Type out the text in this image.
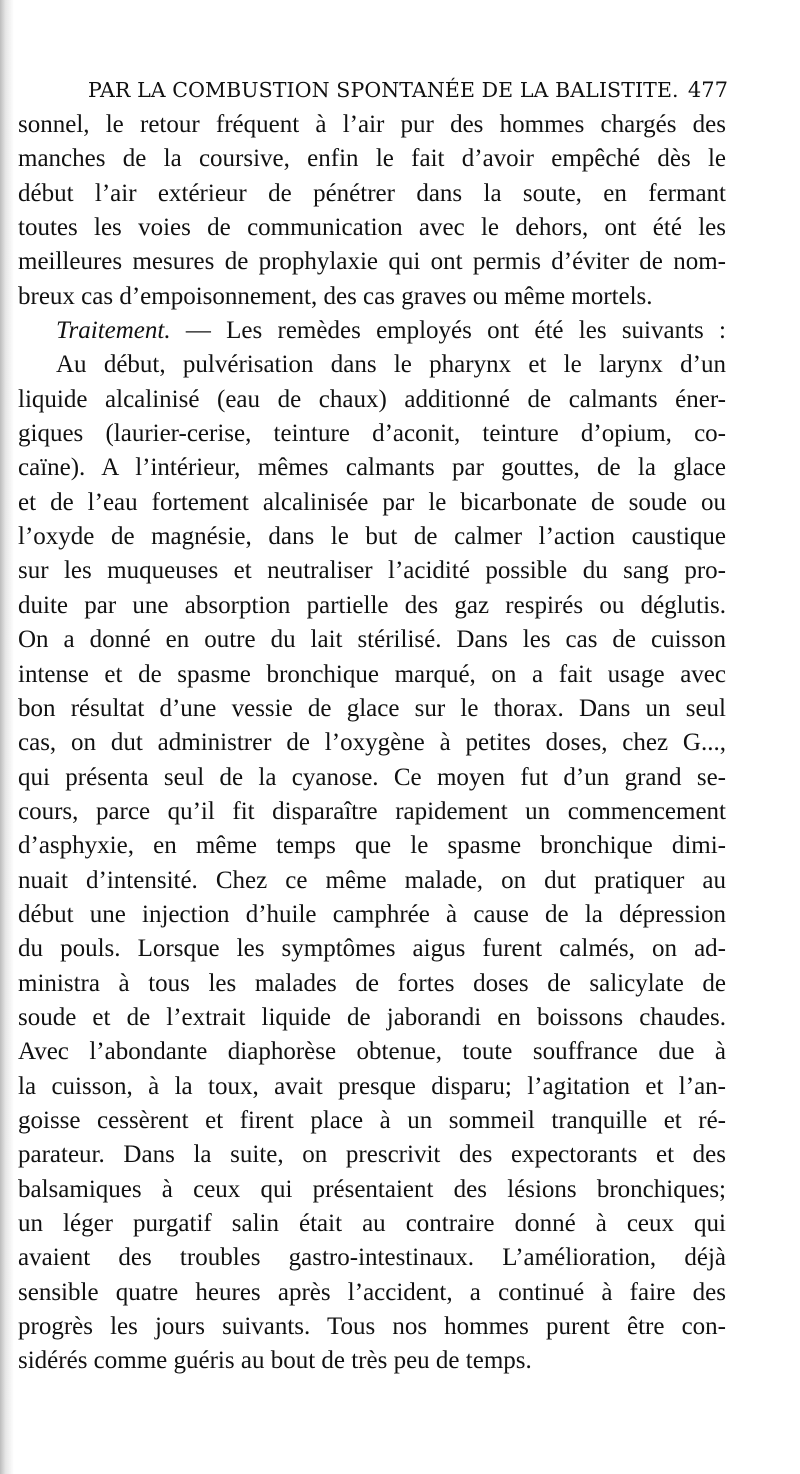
PAR LA COMBUSTION SPONTANÉE DE LA BALISTITE. 477
sonnel, le retour fréquent à l’air pur des hommes chargés des
manches de la coursive, enfin le fait d’avoir empêché dès le
début l’air extérieur de pénétrer dans la soute, en fermant
toutes les voies de communication avec le dehors, ont été les
meilleures mesures de prophylaxie qui ont permis d’éviter de nom-
breux cas d’empoisonnement, des cas graves ou même mortels.
Traitement. — Les remèdes employés ont été les suivants :
Au début, pulvérisation dans le pharynx et le larynx d’un
liquide alcalinisé (eau de chaux) additionné de calmants éner-
giques (laurier-cerise, teinture d’aconit, teinture d’opium, co-
caïne). A l’intérieur, mêmes calmants par gouttes, de la glace
et de l’eau fortement alcalinisée par le bicarbonate de soude ou
l’oxyde de magnésie, dans le but de calmer l’action caustique
sur les muqueuses et neutraliser l’acidité possible du sang pro-
duite par une absorption partielle des gaz respirés ou déglutis.
On a donné en outre du lait stérilisé. Dans les cas de cuisson
intense et de spasme bronchique marqué, on a fait usage avec
bon résultat d’une vessie de glace sur le thorax. Dans un seul
cas, on dut administrer de l’oxygène à petites doses, chez G...,
qui présenta seul de la cyanose. Ce moyen fut d’un grand se-
cours, parce qu’il fit disparaître rapidement un commencement
d’asphyxie, en même temps que le spasme bronchique dimi-
nuait d’intensité. Chez ce même malade, on dut pratiquer au
début une injection d’huile camphrée à cause de la dépression
du pouls. Lorsque les symptômes aigus furent calmés, on ad-
ministra à tous les malades de fortes doses de salicylate de
soude et de l’extrait liquide de jaborandi en boissons chaudes.
Avec l’abondante diaphorèse obtenue, toute souffrance due à
la cuisson, à la toux, avait presque disparu; l’agitation et l’an-
goisse cessèrent et firent place à un sommeil tranquille et ré-
parateur. Dans la suite, on prescrivit des expectorants et des
balsamiques à ceux qui présentaient des lésions bronchiques;
un léger purgatif salin était au contraire donné à ceux qui
avaient des troubles gastro-intestinaux. L’amélioration, déjà
sensible quatre heures après l’accident, a continué à faire des
progrès les jours suivants. Tous nos hommes purent être con-
sidérés comme guéris au bout de très peu de temps.
